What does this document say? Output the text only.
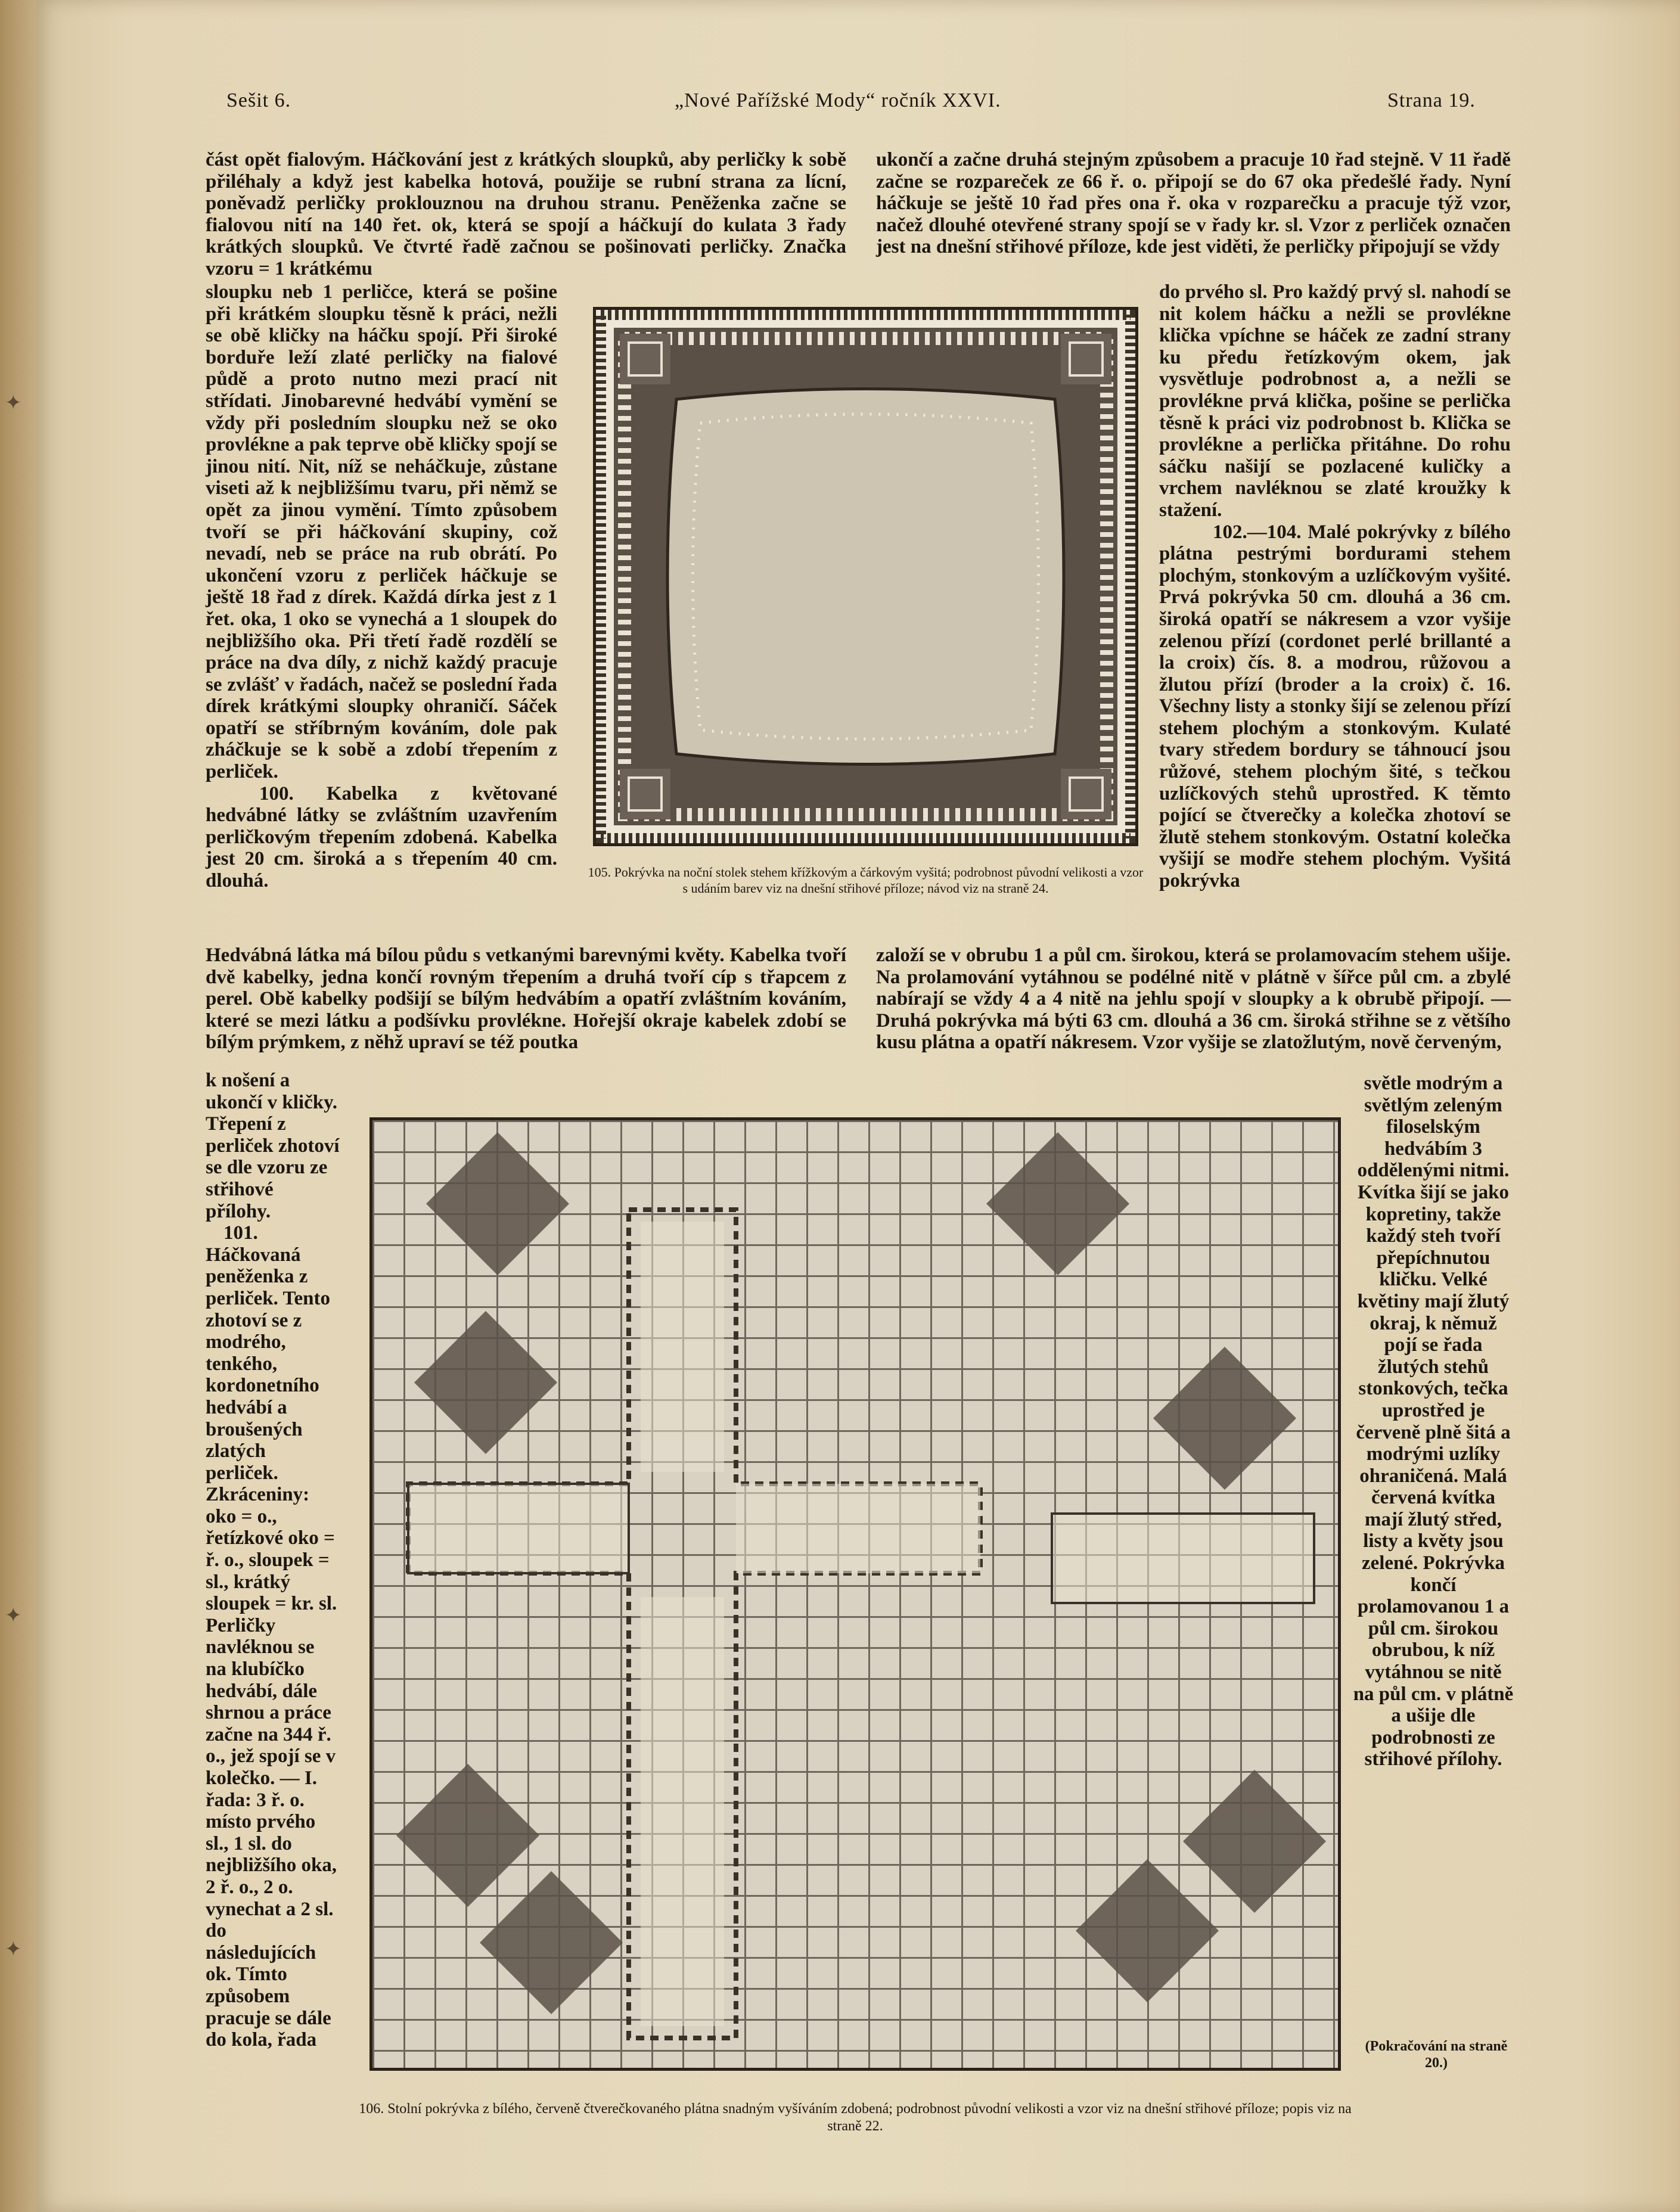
✦
✦
✦
Sešit 6.	„Nové Pařížské Mody“ ročník XXVI.	Strana 19.

část opět fialovým. Háčkování jest z krátkých sloupků, aby perličky k sobě přiléhaly a když jest kabelka hotová, použije se rubní strana za lícní, poněvadž perličky proklouznou na druhou stranu. Peněženka začne se fialovou nití na 140 řet. ok, která se spojí a háčkují do kulata 3 řady krátkých sloupků. Ve čtvrté řadě začnou se pošinovati perličky. Značka vzoru = 1 krátkému

sloupku neb 1 perličce, která se pošine při krátkém sloupku těsně k práci, nežli se obě kličky na háčku spojí. Při široké borduře leží zlaté perličky na fialové půdě a proto nutno mezi prací nit střídati. Jinobarevné hedvábí vymění se vždy při posledním sloupku než se oko provlékne a pak teprve obě kličky spojí se jinou nití. Nit, níž se neháčkuje, zůstane viseti až k nejbližšímu tvaru, při němž se opět za jinou vymění. Tímto způsobem tvoří se při háčkování skupiny, což nevadí, neb se práce na rub obrátí. Po ukončení vzoru z perliček háčkuje se ještě 18 řad z dírek. Každá dírka jest z 1 řet. oka, 1 oko se vynechá a 1 sloupek do nejbližšího oka. Při třetí řadě rozdělí se práce na dva díly, z nichž každý pracuje se zvlášť v řadách, načež se poslední řada dírek krátkými sloupky ohraničí. Sáček opatří se stříbrným kováním, dole pak zháčkuje se k sobě a zdobí třepením z perliček.

100. Kabelka z květované hedvábné látky se zvláštním uzavřením perličkovým třepením zdobená. Kabelka jest 20 cm. široká a s třepením 40 cm. dlouhá.

Hedvábná látka má bílou půdu s vetkanými barevnými květy. Kabelka tvoří dvě kabelky, jedna končí rovným třepením a druhá tvoří cíp s třapcem z perel. Obě kabelky podšijí se bílým hedvábím a opatří zvláštním kováním, které se mezi látku a podšívku provlékne. Hořejší okraje kabelek zdobí se bílým prýmkem, z něhž upraví se též poutka

k nošení a ukončí v kličky. Třepení z perliček zhotoví se dle vzoru ze střihové přílohy.

101. Háčkovaná peněženka z perliček. Tento zhotoví se z modrého, tenkého, kordonetního hedvábí a broušených zlatých perliček. Zkráceniny: oko = o., řetízkové oko = ř. o., sloupek = sl., krátký sloupek = kr. sl. Perličky navléknou se na klubíčko hedvábí, dále shrnou a práce začne na 344 ř. o., jež spojí se v kolečko. — I. řada: 3 ř. o. místo prvého sl., 1 sl. do nejbližšího oka, 2 ř. o., 2 o. vynechat a 2 sl. do následujících ok. Tímto způsobem pracuje se dále do kola, řada

ukončí a začne druhá stejným způsobem a pracuje 10 řad stejně. V 11 řadě začne se rozpareček ze 66 ř. o. připojí se do 67 oka předešlé řady. Nyní háčkuje se ještě 10 řad přes ona ř. oka v rozparečku a pracuje týž vzor, načež dlouhé otevřené strany spojí se v řady kr. sl. Vzor z perliček označen jest na dnešní střihové příloze, kde jest viděti, že perličky připojují se vždy

do prvého sl. Pro každý prvý sl. nahodí se nit kolem háčku a nežli se provlékne klička vpíchne se háček ze zadní strany ku předu řetízkovým okem, jak vysvětluje podrobnost a, a nežli se provlékne prvá klička, pošine se perlička těsně k práci viz podrobnost b. Klička se provlékne a perlička přitáhne. Do rohu sáčku našijí se pozlacené kuličky a vrchem navléknou se zlaté kroužky k stažení.

102.—104. Malé pokrývky z bílého plátna pestrými bordurami stehem plochým, stonkovým a uzlíčkovým vyšité. Prvá pokrývka 50 cm. dlouhá a 36 cm. široká opatří se nákresem a vzor vyšije zelenou přízí (cordonet perlé brillanté a la croix) čís. 8. a modrou, růžovou a žlutou přízí (broder a la croix) č. 16. Všechny listy a stonky šijí se zelenou přízí stehem plochým a stonkovým. Kulaté tvary středem bordury se táhnoucí jsou růžové, stehem plochým šité, s tečkou uzlíčkových stehů uprostřed. K těmto pojící se čtverečky a kolečka zhotoví se žlutě stehem stonkovým. Ostatní kolečka vyšijí se modře stehem plochým. Vyšitá pokrývka

založí se v obrubu 1 a půl cm. širokou, která se prolamovacím stehem ušije. Na prolamování vytáhnou se podélné nitě v plátně v šířce půl cm. a zbylé nabírají se vždy 4 a 4 nitě na jehlu spojí v sloupky a k obrubě připojí. — Druhá pokrývka má býti 63 cm. dlouhá a 36 cm. široká střihne se z většího kusu plátna a opatří nákresem. Vzor vyšije se zlatožlutým, nově červeným,

světle modrým a světlým zeleným filoselským hedvábím 3 oddělenými nitmi. Kvítka šijí se jako kopretiny, takže každý steh tvoří přepíchnutou kličku. Velké květiny mají žlutý okraj, k němuž pojí se řada žlutých stehů stonkových, tečka uprostřed je červeně plně šitá a modrými uzlíky ohraničená. Malá červená kvítka mají žlutý střed, listy a květy jsou zelené. Pokrývka končí prolamovanou 1 a půl cm. širokou obrubou, k níž vytáhnou se nitě na půl cm. v plátně a ušije dle podrobnosti ze střihové přílohy.

(Pokračování na straně 20.)
105. Pokrývka na noční stolek stehem křížkovým a čárkovým vyšitá; podrobnost původní velikosti a vzor s udáním barev viz na dnešní střihové příloze; návod viz na straně 24.
106. Stolní pokrývka z bílého, červeně čtverečkovaného plátna snadným vyšíváním zdobená; podrobnost původní velikosti a vzor viz na dnešní střihové příloze; popis viz na straně 22.
